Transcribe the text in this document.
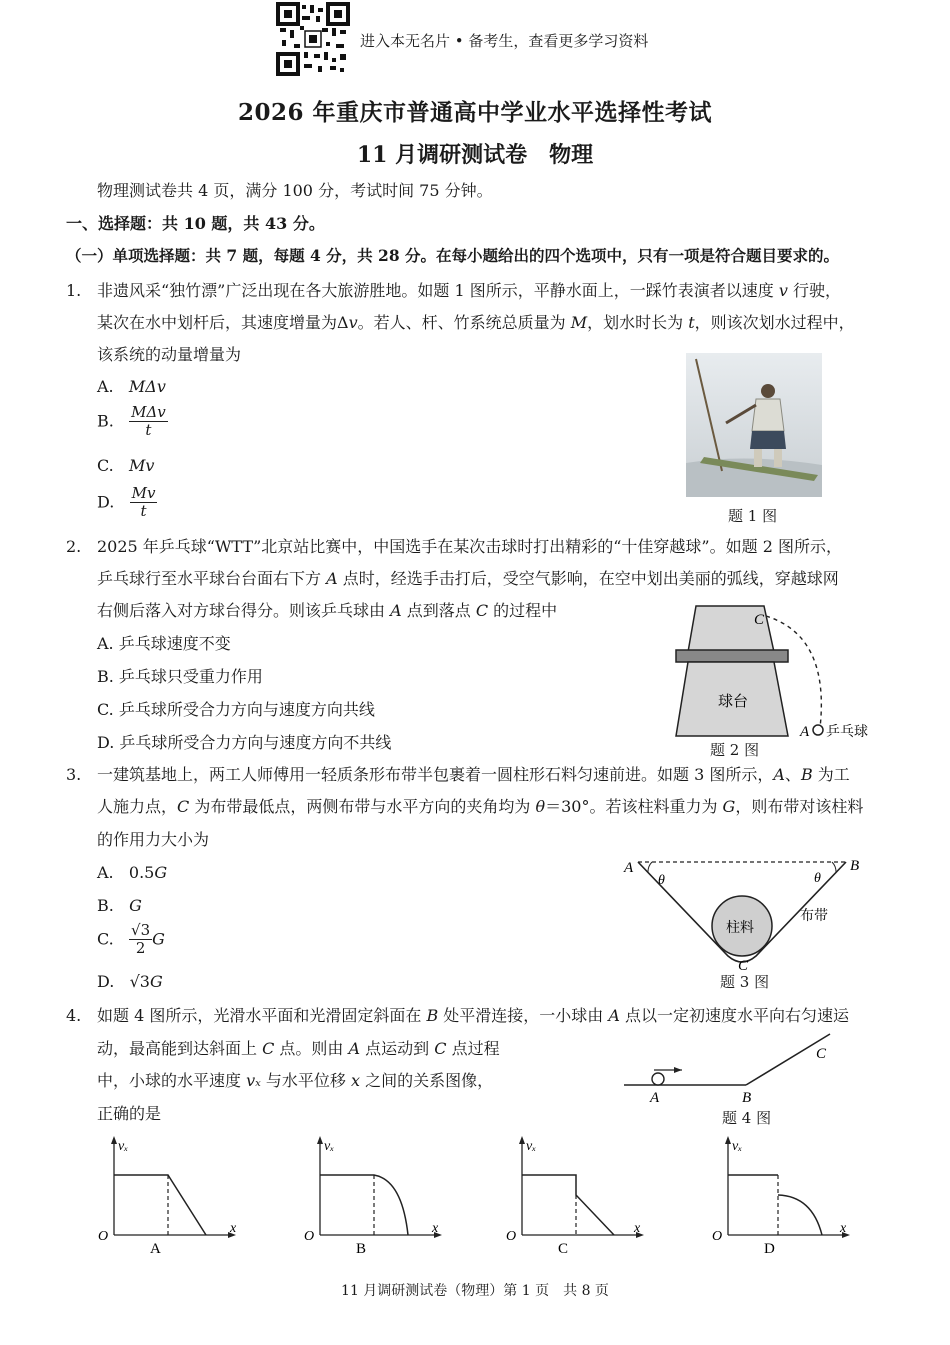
进入本无名片 • 备考生，查看更多学习资料
2026 年重庆市普通高中学业水平选择性考试
11 月调研测试卷　物理
物理测试卷共 4 页，满分 100 分，考试时间 75 分钟。
一、选择题：共 10 题，共 43 分。
（一）单项选择题：共 7 题，每题 4 分，共 28 分。在每小题给出的四个选项中，只有一项是符合题目要求的。
1. 非遗风采“独竹漂”广泛出现在各大旅游胜地。如题 1 图所示，平静水面上，一踩竹表演者以速度 v 行驶，
某次在水中划杆后，其速度增量为Δv。若人、杆、竹系统总质量为 M，划水时长为 t，则该次划水过程中，
该系统的动量增量为
A. MΔv
B. $\frac{\text{MΔv}}{t}$
C. Mv
D. $\frac{Mv}{t}$	题 1 图
2. 2025 年乒乓球“WTT”北京站比赛中，中国选手在某次击球时打出精彩的“十佳穿越球”。如题 2 图所示，
乒乓球行至水平球台台面右下方 A 点时，经选手击打后，受空气影响，在空中划出美丽的弧线，穿越球网
右侧后落入对方球台得分。则该乒乓球由 A 点到落点 C 的过程中
A. 乒乓球速度不变
B. 乒乓球只受重力作用
C. 乒乓球所受合力方向与速度方向共线
D. 乒乓球所受合力方向与速度方向不共线
C
A 乒乓球
球台
题 2 图
3. 一建筑基地上，两工人师傅用一轻质条形布带半包裹着一圆柱形石料匀速前进。如题 3 图所示，A、B 为工
人施力点，C 为布带最低点，两侧布带与水平方向的夹角均为 θ＝30°。若该柱料重力为 G，则布带对该柱料
的作用力大小为
A. 0.5G
B. G
C. $\frac{√3}{2}$ G
D. √3G
A	B
C
θ	θ
柱料
布带
题 3 图
4. 如题 4 图所示，光滑水平面和光滑固定斜面在 B 处平滑连接，一小球由 A 点以一定初速度水平向右匀速运
动，最高能到达斜面上 C 点。则由 A 点运动到 C 点过程
中，小球的水平速度 vₓ 与水平位移 x 之间的关系图像，
正确的是
A	B
C
题 4 图
vₓ
x
O
A
vₓ
x
O
B
vₓ
x
O
C
vₓ
x
O
D
11 月调研测试卷（物理）第 1 页　共 8 页
